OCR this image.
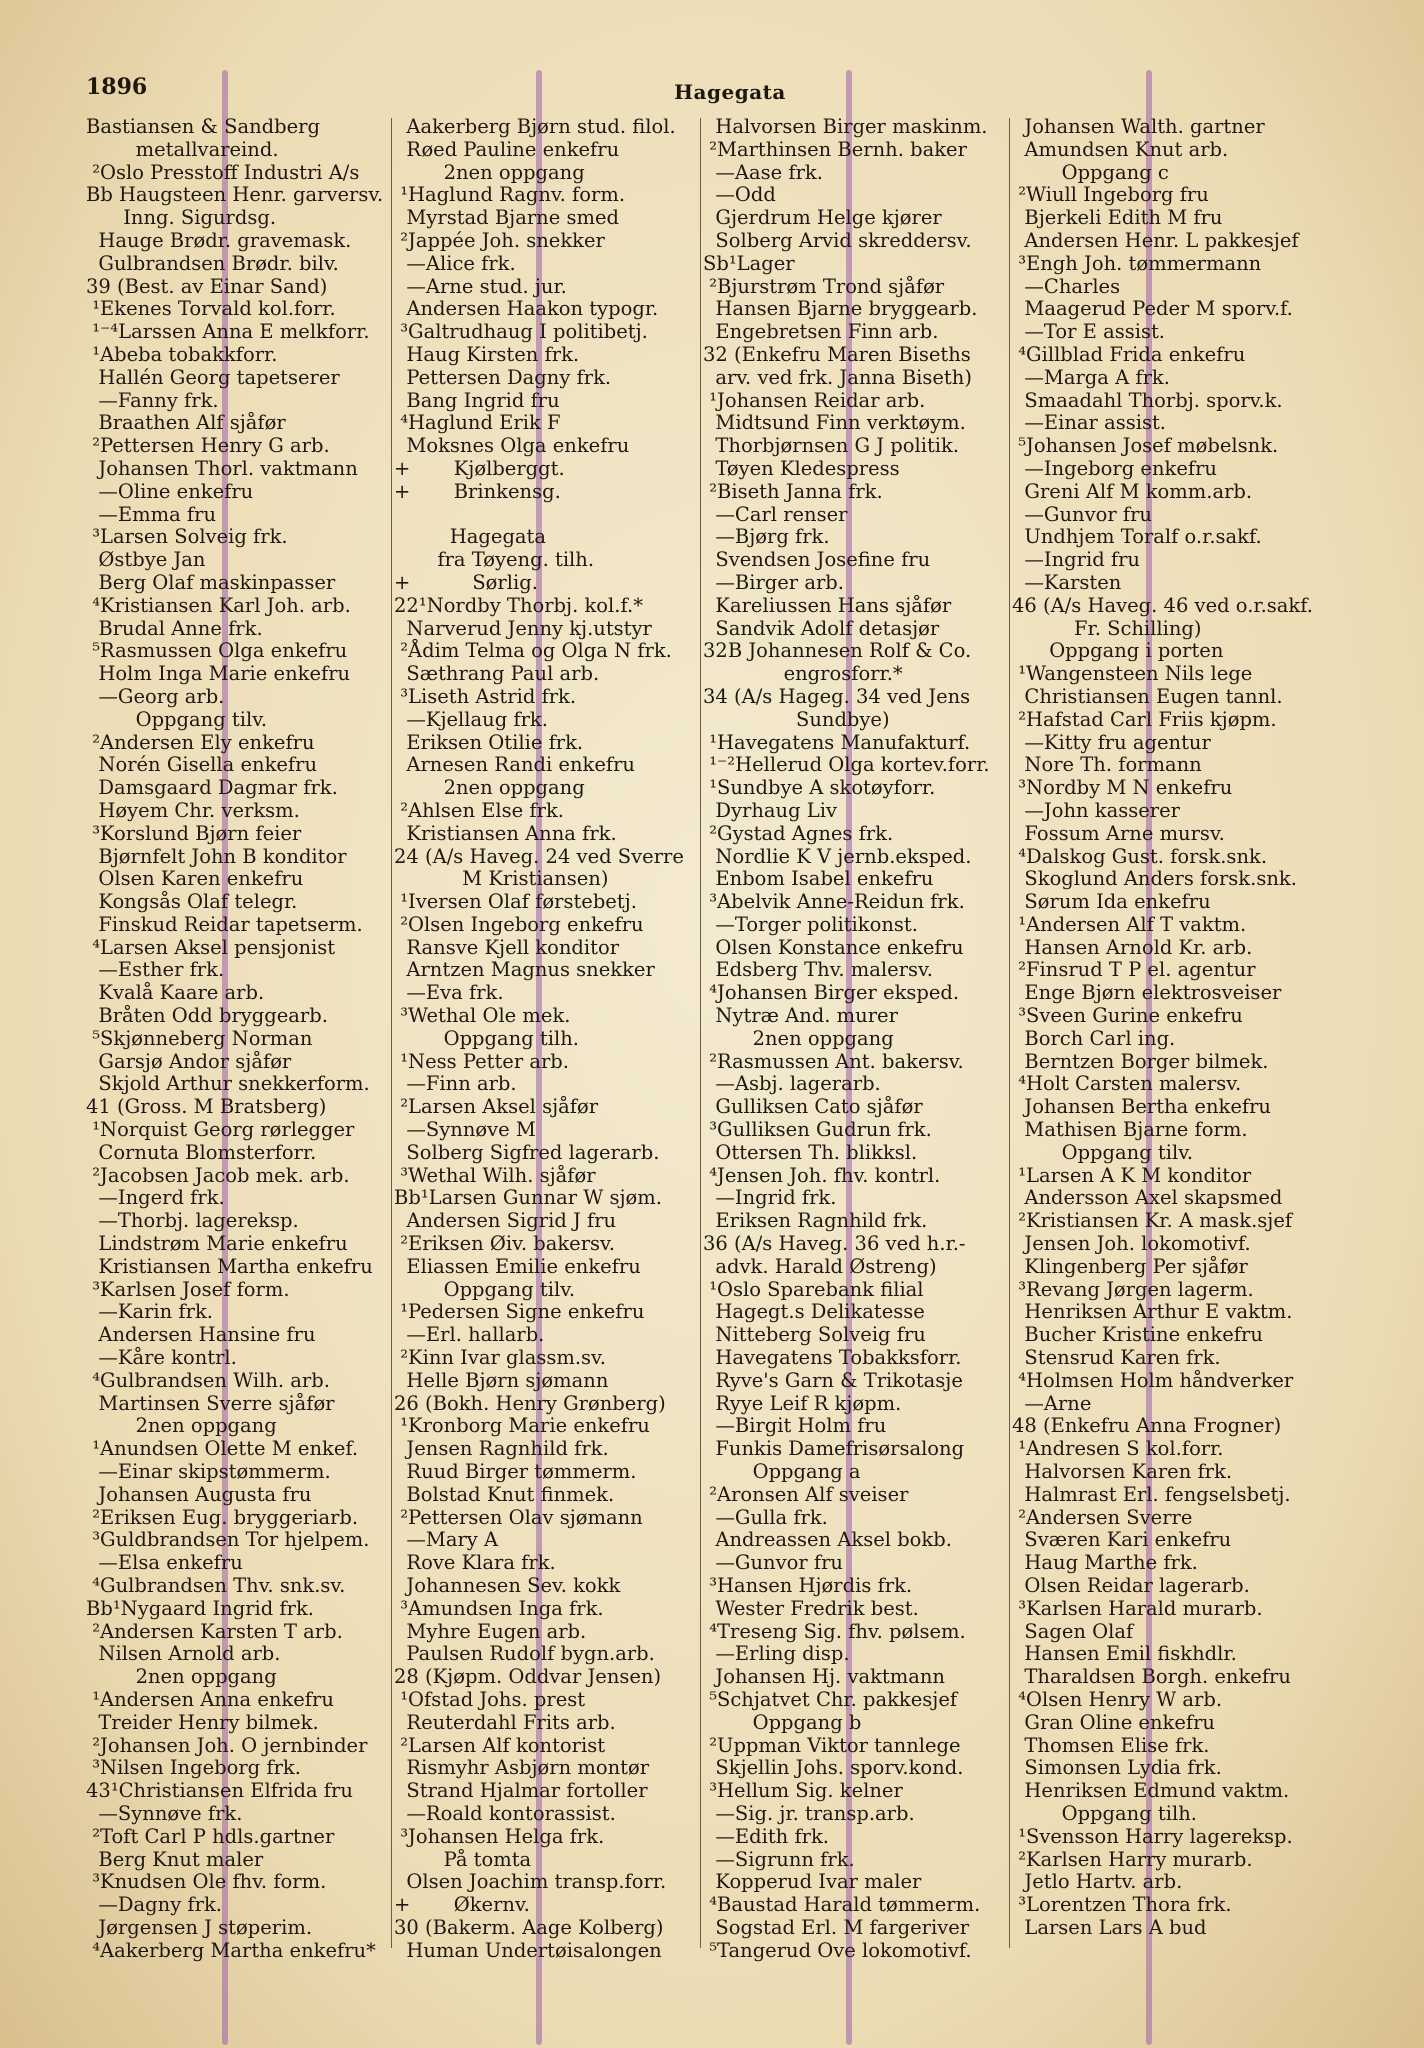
1896	Hagegata
Bastiansen & Sandberg
metallvareind.
²Oslo Presstoff Industri A/s
Bb Haugsteen Henr. garversv.
Inng. Sigurdsg.
Hauge Brødr. gravemask.
Gulbrandsen Brødr. bilv.
39 (Best. av Einar Sand)
¹Ekenes Torvald kol.forr.
¹⁻⁴Larssen Anna E melkforr.
¹Abeba tobakkforr.
Hallén Georg tapetserer
—Fanny frk.
Braathen Alf sjåfør
²Pettersen Henry G arb.
Johansen Thorl. vaktmann
—Oline enkefru
—Emma fru
³Larsen Solveig frk.
Østbye Jan
Berg Olaf maskinpasser
⁴Kristiansen Karl Joh. arb.
Brudal Anne frk.
⁵Rasmussen Olga enkefru
Holm Inga Marie enkefru
—Georg arb.
Oppgang tilv.
²Andersen Ely enkefru
Norén Gisella enkefru
Damsgaard Dagmar frk.
Høyem Chr. verksm.
³Korslund Bjørn feier
Bjørnfelt John B konditor
Olsen Karen enkefru
Kongsås Olaf telegr.
Finskud Reidar tapetserm.
⁴Larsen Aksel pensjonist
—Esther frk.
Kvalå Kaare arb.
Bråten Odd bryggearb.
⁵Skjønneberg Norman
Garsjø Andor sjåfør
Skjold Arthur snekkerform.
41 (Gross. M Bratsberg)
¹Norquist Georg rørlegger
Cornuta Blomsterforr.
²Jacobsen Jacob mek. arb.
—Ingerd frk.
—Thorbj. lagereksp.
Lindstrøm Marie enkefru
Kristiansen Martha enkefru
³Karlsen Josef form.
—Karin frk.
Andersen Hansine fru
—Kåre kontrl.
⁴Gulbrandsen Wilh. arb.
Martinsen Sverre sjåfør
2nen oppgang
¹Anundsen Olette M enkef.
—Einar skipstømmerm.
Johansen Augusta fru
²Eriksen Eug. bryggeriarb.
³Guldbrandsen Tor hjelpem.
—Elsa enkefru
⁴Gulbrandsen Thv. snk.sv.
Bb¹Nygaard Ingrid frk.
²Andersen Karsten T arb.
Nilsen Arnold arb.
2nen oppgang
¹Andersen Anna enkefru
Treider Henry bilmek.
²Johansen Joh. O jernbinder
³Nilsen Ingeborg frk.
43¹Christiansen Elfrida fru
—Synnøve frk.
²Toft Carl P hdls.gartner
Berg Knut maler
³Knudsen Ole fhv. form.
—Dagny frk.
Jørgensen J støperim.
⁴Aakerberg Martha enkefru*
Aakerberg Bjørn stud. filol.
Røed Pauline enkefru
2nen oppgang
¹Haglund Ragnv. form.
Myrstad Bjarne smed
²Jappée Joh. snekker
—Alice frk.
—Arne stud. jur.
Andersen Haakon typogr.
³Galtrudhaug I politibetj.
Haug Kirsten frk.
Pettersen Dagny frk.
Bang Ingrid fru
⁴Haglund Erik F
Moksnes Olga enkefru
+       Kjølberggt.
+       Brinkensg.
Hagegata
fra Tøyeng. tilh.
+          Sørlig.
22¹Nordby Thorbj. kol.f.*
Narverud Jenny kj.utstyr
²Ådim Telma og Olga N frk.
Sæthrang Paul arb.
³Liseth Astrid frk.
—Kjellaug frk.
Eriksen Otilie frk.
Arnesen Randi enkefru
2nen oppgang
²Ahlsen Else frk.
Kristiansen Anna frk.
24 (A/s Haveg. 24 ved Sverre
M Kristiansen)
¹Iversen Olaf førstebetj.
²Olsen Ingeborg enkefru
Ransve Kjell konditor
Arntzen Magnus snekker
—Eva frk.
³Wethal Ole mek.
Oppgang tilh.
¹Ness Petter arb.
—Finn arb.
²Larsen Aksel sjåfør
—Synnøve M
Solberg Sigfred lagerarb.
³Wethal Wilh. sjåfør
Bb¹Larsen Gunnar W sjøm.
Andersen Sigrid J fru
²Eriksen Øiv. bakersv.
Eliassen Emilie enkefru
Oppgang tilv.
¹Pedersen Signe enkefru
—Erl. hallarb.
²Kinn Ivar glassm.sv.
Helle Bjørn sjømann
26 (Bokh. Henry Grønberg)
¹Kronborg Marie enkefru
Jensen Ragnhild frk.
Ruud Birger tømmerm.
Bolstad Knut finmek.
²Pettersen Olav sjømann
—Mary A
Rove Klara frk.
Johannesen Sev. kokk
³Amundsen Inga frk.
Myhre Eugen arb.
Paulsen Rudolf bygn.arb.
28 (Kjøpm. Oddvar Jensen)
¹Ofstad Johs. prest
Reuterdahl Frits arb.
²Larsen Alf kontorist
Rismyhr Asbjørn montør
Strand Hjalmar fortoller
—Roald kontorassist.
³Johansen Helga frk.
På tomta
Olsen Joachim transp.forr.
+       Økernv.
30 (Bakerm. Aage Kolberg)
Human Undertøisalongen
Halvorsen Birger maskinm.
²Marthinsen Bernh. baker
—Aase frk.
—Odd
Gjerdrum Helge kjører
Solberg Arvid skreddersv.
Sb¹Lager
²Bjurstrøm Trond sjåfør
Hansen Bjarne bryggearb.
Engebretsen Finn arb.
32 (Enkefru Maren Biseths
arv. ved frk. Janna Biseth)
¹Johansen Reidar arb.
Midtsund Finn verktøym.
Thorbjørnsen G J politik.
Tøyen Kledespress
²Biseth Janna frk.
—Carl renser
—Bjørg frk.
Svendsen Josefine fru
—Birger arb.
Kareliussen Hans sjåfør
Sandvik Adolf detasjør
32B Johannesen Rolf & Co.
engrosforr.*
34 (A/s Hageg. 34 ved Jens
Sundbye)
¹Havegatens Manufakturf.
¹⁻²Hellerud Olga kortev.forr.
¹Sundbye A skotøyforr.
Dyrhaug Liv
²Gystad Agnes frk.
Nordlie K V jernb.eksped.
Enbom Isabel enkefru
³Abelvik Anne-Reidun frk.
—Torger politikonst.
Olsen Konstance enkefru
Edsberg Thv. malersv.
⁴Johansen Birger eksped.
Nytræ And. murer
2nen oppgang
²Rasmussen Ant. bakersv.
—Asbj. lagerarb.
Gulliksen Cato sjåfør
³Gulliksen Gudrun frk.
Ottersen Th. blikksl.
⁴Jensen Joh. fhv. kontrl.
—Ingrid frk.
Eriksen Ragnhild frk.
36 (A/s Haveg. 36 ved h.r.-
advk. Harald Østreng)
¹Oslo Sparebank filial
Hagegt.s Delikatesse
Nitteberg Solveig fru
Havegatens Tobakksforr.
Ryve's Garn & Trikotasje
Ryye Leif R kjøpm.
—Birgit Holm fru
Funkis Damefrisørsalong
Oppgang a
²Aronsen Alf sveiser
—Gulla frk.
Andreassen Aksel bokb.
—Gunvor fru
³Hansen Hjørdis frk.
Wester Fredrik best.
⁴Treseng Sig. fhv. pølsem.
—Erling disp.
Johansen Hj. vaktmann
⁵Schjatvet Chr. pakkesjef
Oppgang b
²Uppman Viktor tannlege
Skjellin Johs. sporv.kond.
³Hellum Sig. kelner
—Sig. jr. transp.arb.
—Edith frk.
—Sigrunn frk.
Kopperud Ivar maler
⁴Baustad Harald tømmerm.
Sogstad Erl. M fargeriver
⁵Tangerud Ove lokomotivf.
Johansen Walth. gartner
Amundsen Knut arb.
Oppgang c
²Wiull Ingeborg fru
Bjerkeli Edith M fru
Andersen Henr. L pakkesjef
³Engh Joh. tømmermann
—Charles
Maagerud Peder M sporv.f.
—Tor E assist.
⁴Gillblad Frida enkefru
—Marga A frk.
Smaadahl Thorbj. sporv.k.
—Einar assist.
⁵Johansen Josef møbelsnk.
—Ingeborg enkefru
Greni Alf M komm.arb.
—Gunvor fru
Undhjem Toralf o.r.sakf.
—Ingrid fru
—Karsten
46 (A/s Haveg. 46 ved o.r.sakf.
Fr. Schilling)
Oppgang i porten
¹Wangensteen Nils lege
Christiansen Eugen tannl.
²Hafstad Carl Friis kjøpm.
—Kitty fru agentur
Nore Th. formann
³Nordby M N enkefru
—John kasserer
Fossum Arne mursv.
⁴Dalskog Gust. forsk.snk.
Skoglund Anders forsk.snk.
Sørum Ida enkefru
¹Andersen Alf T vaktm.
Hansen Arnold Kr. arb.
²Finsrud T P el. agentur
Enge Bjørn elektrosveiser
³Sveen Gurine enkefru
Borch Carl ing.
Berntzen Borger bilmek.
⁴Holt Carsten malersv.
Johansen Bertha enkefru
Mathisen Bjarne form.
Oppgang tilv.
¹Larsen A K M konditor
Andersson Axel skapsmed
²Kristiansen Kr. A mask.sjef
Jensen Joh. lokomotivf.
Klingenberg Per sjåfør
³Revang Jørgen lagerm.
Henriksen Arthur E vaktm.
Bucher Kristine enkefru
Stensrud Karen frk.
⁴Holmsen Holm håndverker
—Arne
48 (Enkefru Anna Frogner)
¹Andresen S kol.forr.
Halvorsen Karen frk.
Halmrast Erl. fengselsbetj.
²Andersen Sverre
Sværen Kari enkefru
Haug Marthe frk.
Olsen Reidar lagerarb.
³Karlsen Harald murarb.
Sagen Olaf
Hansen Emil fiskhdlr.
Tharaldsen Borgh. enkefru
⁴Olsen Henry W arb.
Gran Oline enkefru
Thomsen Elise frk.
Simonsen Lydia frk.
Henriksen Edmund vaktm.
Oppgang tilh.
¹Svensson Harry lagereksp.
²Karlsen Harry murarb.
Jetlo Hartv. arb.
³Lorentzen Thora frk.
Larsen Lars A bud
